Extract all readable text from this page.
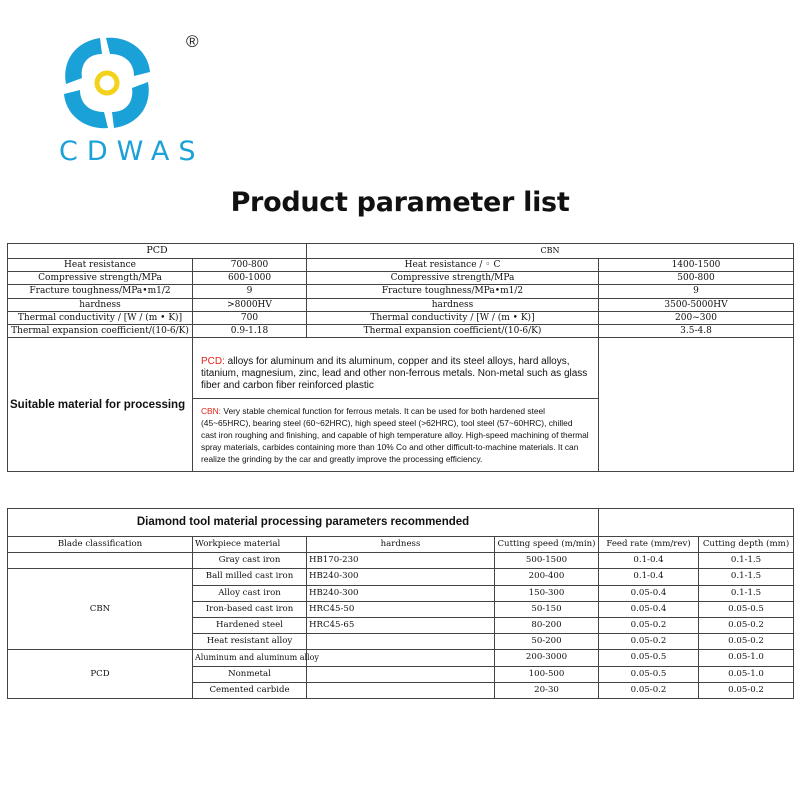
®
CDWAS
Product parameter list
PCD		CBN	
Heat resistance	700-800	Heat resistance / ◦ C	1400-1500
Compressive strength/MPa	600-1000	Compressive strength/MPa	500-800
Fracture toughness/MPa•m1/2	9	Fracture toughness/MPa•m1/2	9
hardness	>8000HV	hardness	3500-5000HV
Thermal conductivity / [W / (m • K)]	700	Thermal conductivity / [W / (m • K)]	200~300
Thermal expansion coefficient/(10-6/K)	0.9-1.18	Thermal expansion coefficient/(10-6/K)	3.5-4.8
Suitable material for processing	PCD: alloys for aluminum and its aluminum, copper and its steel alloys, hard alloys, titanium, magnesium, zinc, lead and other non-ferrous metals. Non-metal such as glass fiber and carbon fiber reinforced plastic		
	CBN: Very stable chemical function for ferrous metals. It can be used for both hardened steel (45~65HRC), bearing steel (60~62HRC), high speed steel (>62HRC), tool steel (57~60HRC), chilled cast iron roughing and finishing, and capable of high temperature alloy. High-speed machining of thermal spray materials, carbides containing more than 10% Co and other difficult-to-machine materials. It can realize the grinding by the car and greatly improve the processing efficiency.		
Diamond tool material processing parameters recommended					
Blade classification	Workpiece material	hardness	Cutting speed (m/min)	Feed rate (mm/rev)	Cutting depth (mm)
	Gray cast iron	HB170-230	500-1500	0.1-0.4	0.1-1.5
CBN	Ball milled cast iron	HB240-300	200-400	0.1-0.4	0.1-1.5
	Alloy cast iron	HB240-300	150-300	0.05-0.4	0.1-1.5
	Iron-based cast iron	HRC45-50	50-150	0.05-0.4	0.05-0.5
	Hardened steel	HRC45-65	80-200	0.05-0.2	0.05-0.2
	Heat resistant alloy		50-200	0.05-0.2	0.05-0.2
PCD	Aluminum and aluminum alloy		200-3000	0.05-0.5	0.05-1.0
	Nonmetal		100-500	0.05-0.5	0.05-1.0
	Cemented carbide		20-30	0.05-0.2	0.05-0.2
